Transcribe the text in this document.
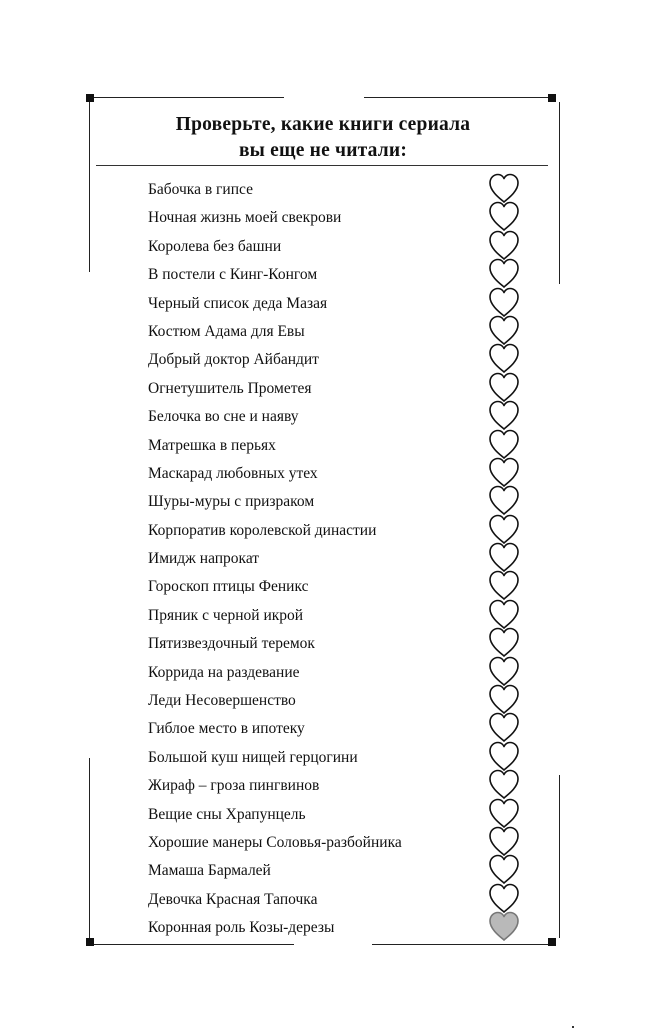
Проверьте, какие книги сериала
вы еще не читали:
Бабочка в гипсе
Ночная жизнь моей свекрови
Королева без башни
В постели с Кинг-Конгом
Черный список деда Мазая
Костюм Адама для Евы
Добрый доктор Айбандит
Огнетушитель Прометея
Белочка во сне и наяву
Матрешка в перьях
Маскарад любовных утех
Шуры-муры с призраком
Корпоратив королевской династии
Имидж напрокат
Гороскоп птицы Феникс
Пряник с черной икрой
Пятизвездочный теремок
Коррида на раздевание
Леди Несовершенство
Гиблое место в ипотеку
Большой куш нищей герцогини
Жираф – гроза пингвинов
Вещие сны Храпунцель
Хорошие манеры Соловья-разбойника
Мамаша Бармалей
Девочка Красная Тапочка
Коронная роль Козы-дерезы
